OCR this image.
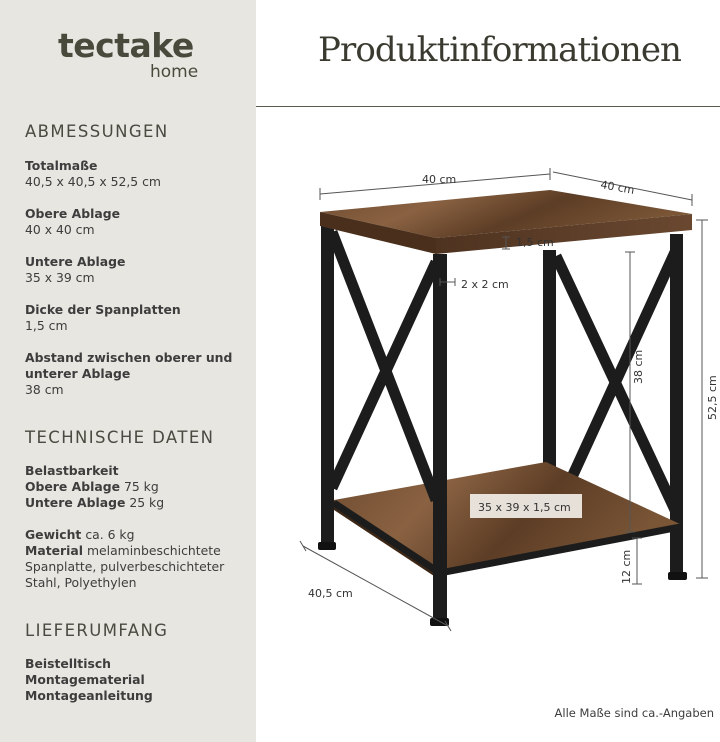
tectake
home
ABMESSUNGEN
Totalmaße
40,5 x 40,5 x 52,5 cm
Obere Ablage
40 x 40 cm
Untere Ablage
35 x 39 cm
Dicke der Spanplatten
1,5 cm
Abstand zwischen oberer und
unterer Ablage
38 cm
TECHNISCHE DATEN
Belastbarkeit
Obere Ablage 75 kg
Untere Ablage 25 kg
Gewicht ca. 6 kg
Material melaminbeschichtete
Spanplatte, pulverbeschichteter
Stahl, Polyethylen
LIEFERUMFANG
Beistelltisch
Montagematerial
Montageanleitung
Produktinformationen
40 cm	40 cm
1,5 cm
2 x 2 cm
38 cm
52,5 cm
35 x 39 x 1,5 cm
12 cm
40,5 cm
Alle Maße sind ca.-Angaben
